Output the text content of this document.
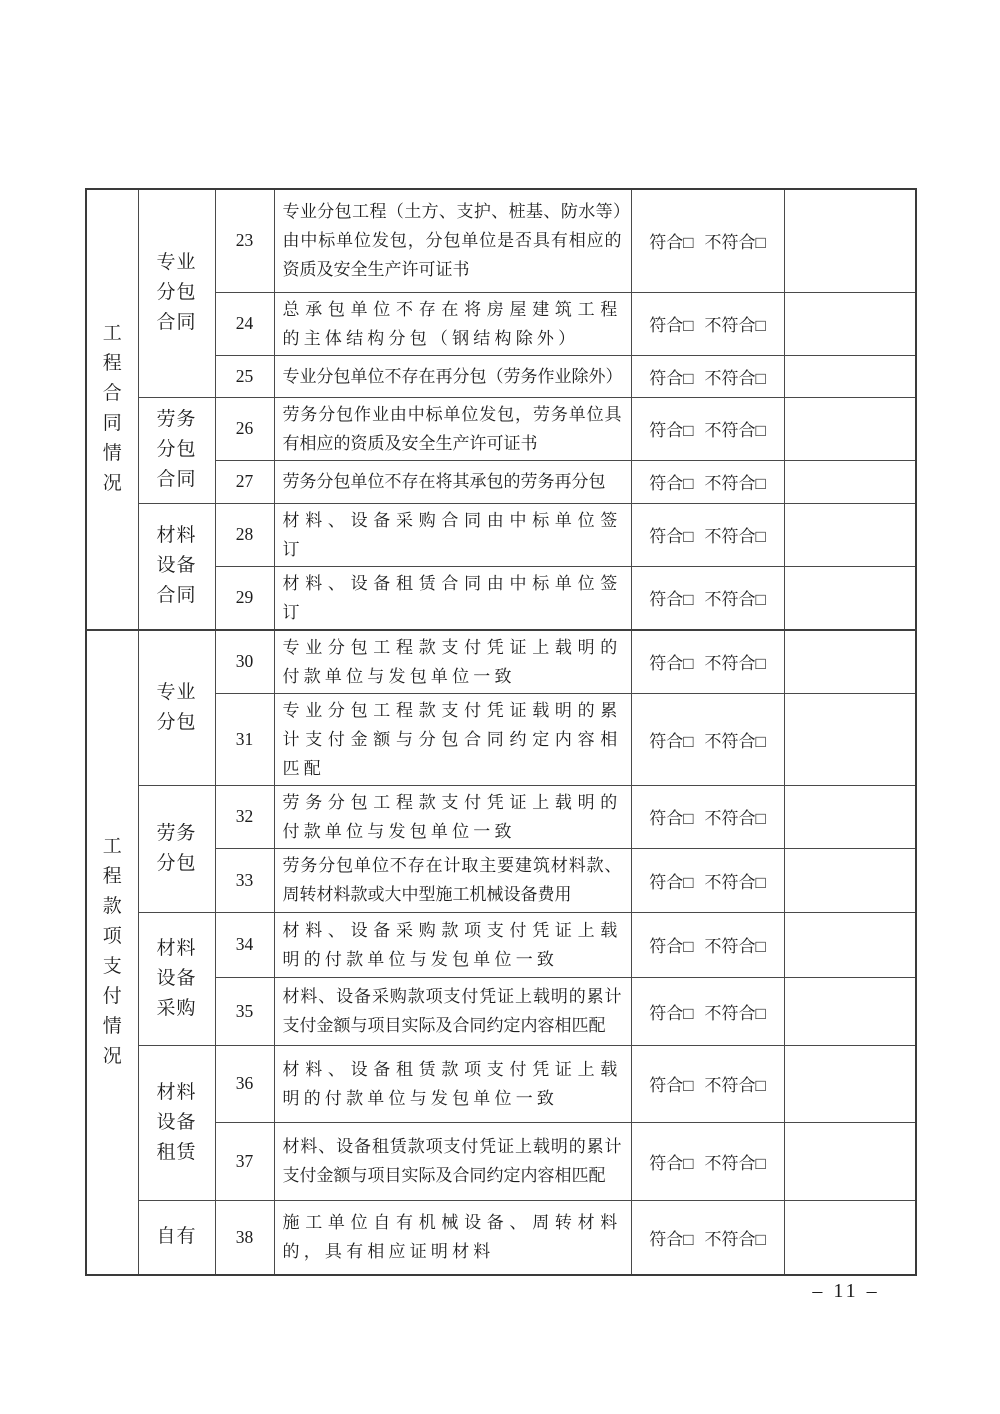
工程合同情况	专业分包合同	23	专业分包工程（土方、支护、桩基、防水等）由中标单位发包，分包单位是否具有相应的资质及安全生产许可证书	符合□ 不符合□	
		24	总承包单位不存在将房屋建筑工程的主体结构分包（钢结构除外）	符合□ 不符合□	
		25	专业分包单位不存在再分包（劳务作业除外）	符合□ 不符合□	
	劳务分包合同	26	劳务分包作业由中标单位发包，劳务单位具有相应的资质及安全生产许可证书	符合□ 不符合□	
		27	劳务分包单位不存在将其承包的劳务再分包	符合□ 不符合□	
	材料设备合同	28	材料、设备采购合同由中标单位签订	符合□ 不符合□	
		29	材料、设备租赁合同由中标单位签订	符合□ 不符合□	
工程款项支付情况	专业分包	30	专业分包工程款支付凭证上载明的付款单位与发包单位一致	符合□ 不符合□	
		31	专业分包工程款支付凭证载明的累计支付金额与分包合同约定内容相匹配	符合□ 不符合□	
	劳务分包	32	劳务分包工程款支付凭证上载明的付款单位与发包单位一致	符合□ 不符合□	
		33	劳务分包单位不存在计取主要建筑材料款、周转材料款或大中型施工机械设备费用	符合□ 不符合□	
	材料设备采购	34	材料、设备采购款项支付凭证上载明的付款单位与发包单位一致	符合□ 不符合□	
		35	材料、设备采购款项支付凭证上载明的累计支付金额与项目实际及合同约定内容相匹配	符合□ 不符合□	
	材料设备租赁	36	材料、设备租赁款项支付凭证上载明的付款单位与发包单位一致	符合□ 不符合□	
		37	材料、设备租赁款项支付凭证上载明的累计支付金额与项目实际及合同约定内容相匹配	符合□ 不符合□	
	自有	38	施工单位自有机械设备、周转材料的，具有相应证明材料	符合□ 不符合□	
– 11 –
